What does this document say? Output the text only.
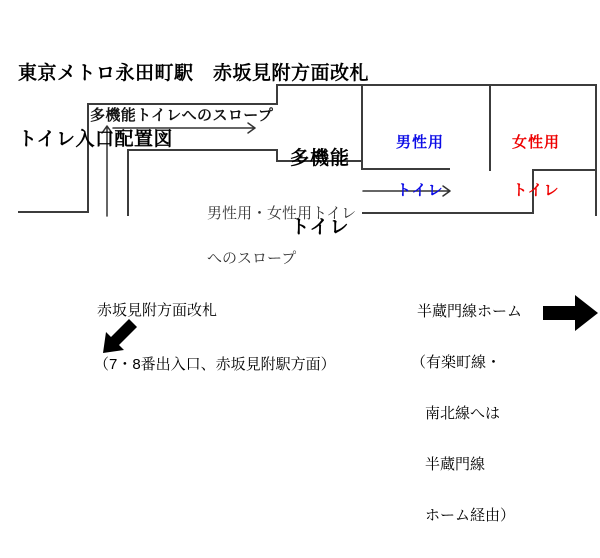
東京メトロ永田町駅　赤坂見附方面改札

トイレ入口配置図

多機能トイレへのスロープ

多機能

トイレ

男性用

トイレ

女性用

トイレ

男性用・女性用トイレ

へのスロープ

赤坂見附方面改札

（7・8番出入口、赤坂見附駅方面）

半蔵門線ホーム

（有楽町線・

南北線へは

半蔵門線

ホーム経由）
